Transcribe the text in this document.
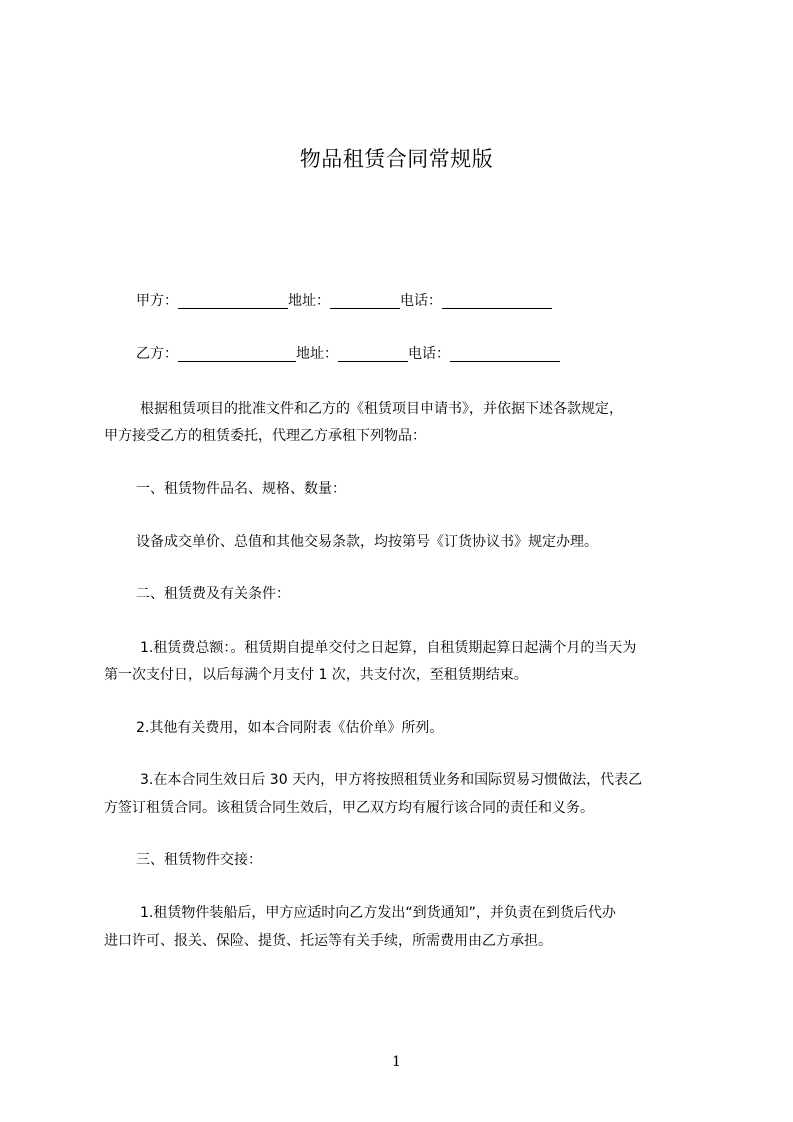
物品租赁合同常规版
甲方：	地址：	电话：
乙方：	地址：	电话：
根据租赁项目的批准文件和乙方的《租赁项目申请书》，并依据下述各款规定，
甲方接受乙方的租赁委托，代理乙方承租下列物品：
一、租赁物件品名、规格、数量：
设备成交单价、总值和其他交易条款，均按第号《订货协议书》规定办理。
二、租赁费及有关条件：
1.租赁费总额：。租赁期自提单交付之日起算，自租赁期起算日起满个月的当天为
第一次支付日，以后每满个月支付 1 次，共支付次，至租赁期结束。
2.其他有关费用，如本合同附表《估价单》所列。
3.在本合同生效日后 30 天内，甲方将按照租赁业务和国际贸易习惯做法，代表乙
方签订租赁合同。该租赁合同生效后，甲乙双方均有履行该合同的责任和义务。
三、租赁物件交接：
1.租赁物件装船后，甲方应适时向乙方发出“到货通知”，并负责在到货后代办
进口许可、报关、保险、提货、托运等有关手续，所需费用由乙方承担。
1
